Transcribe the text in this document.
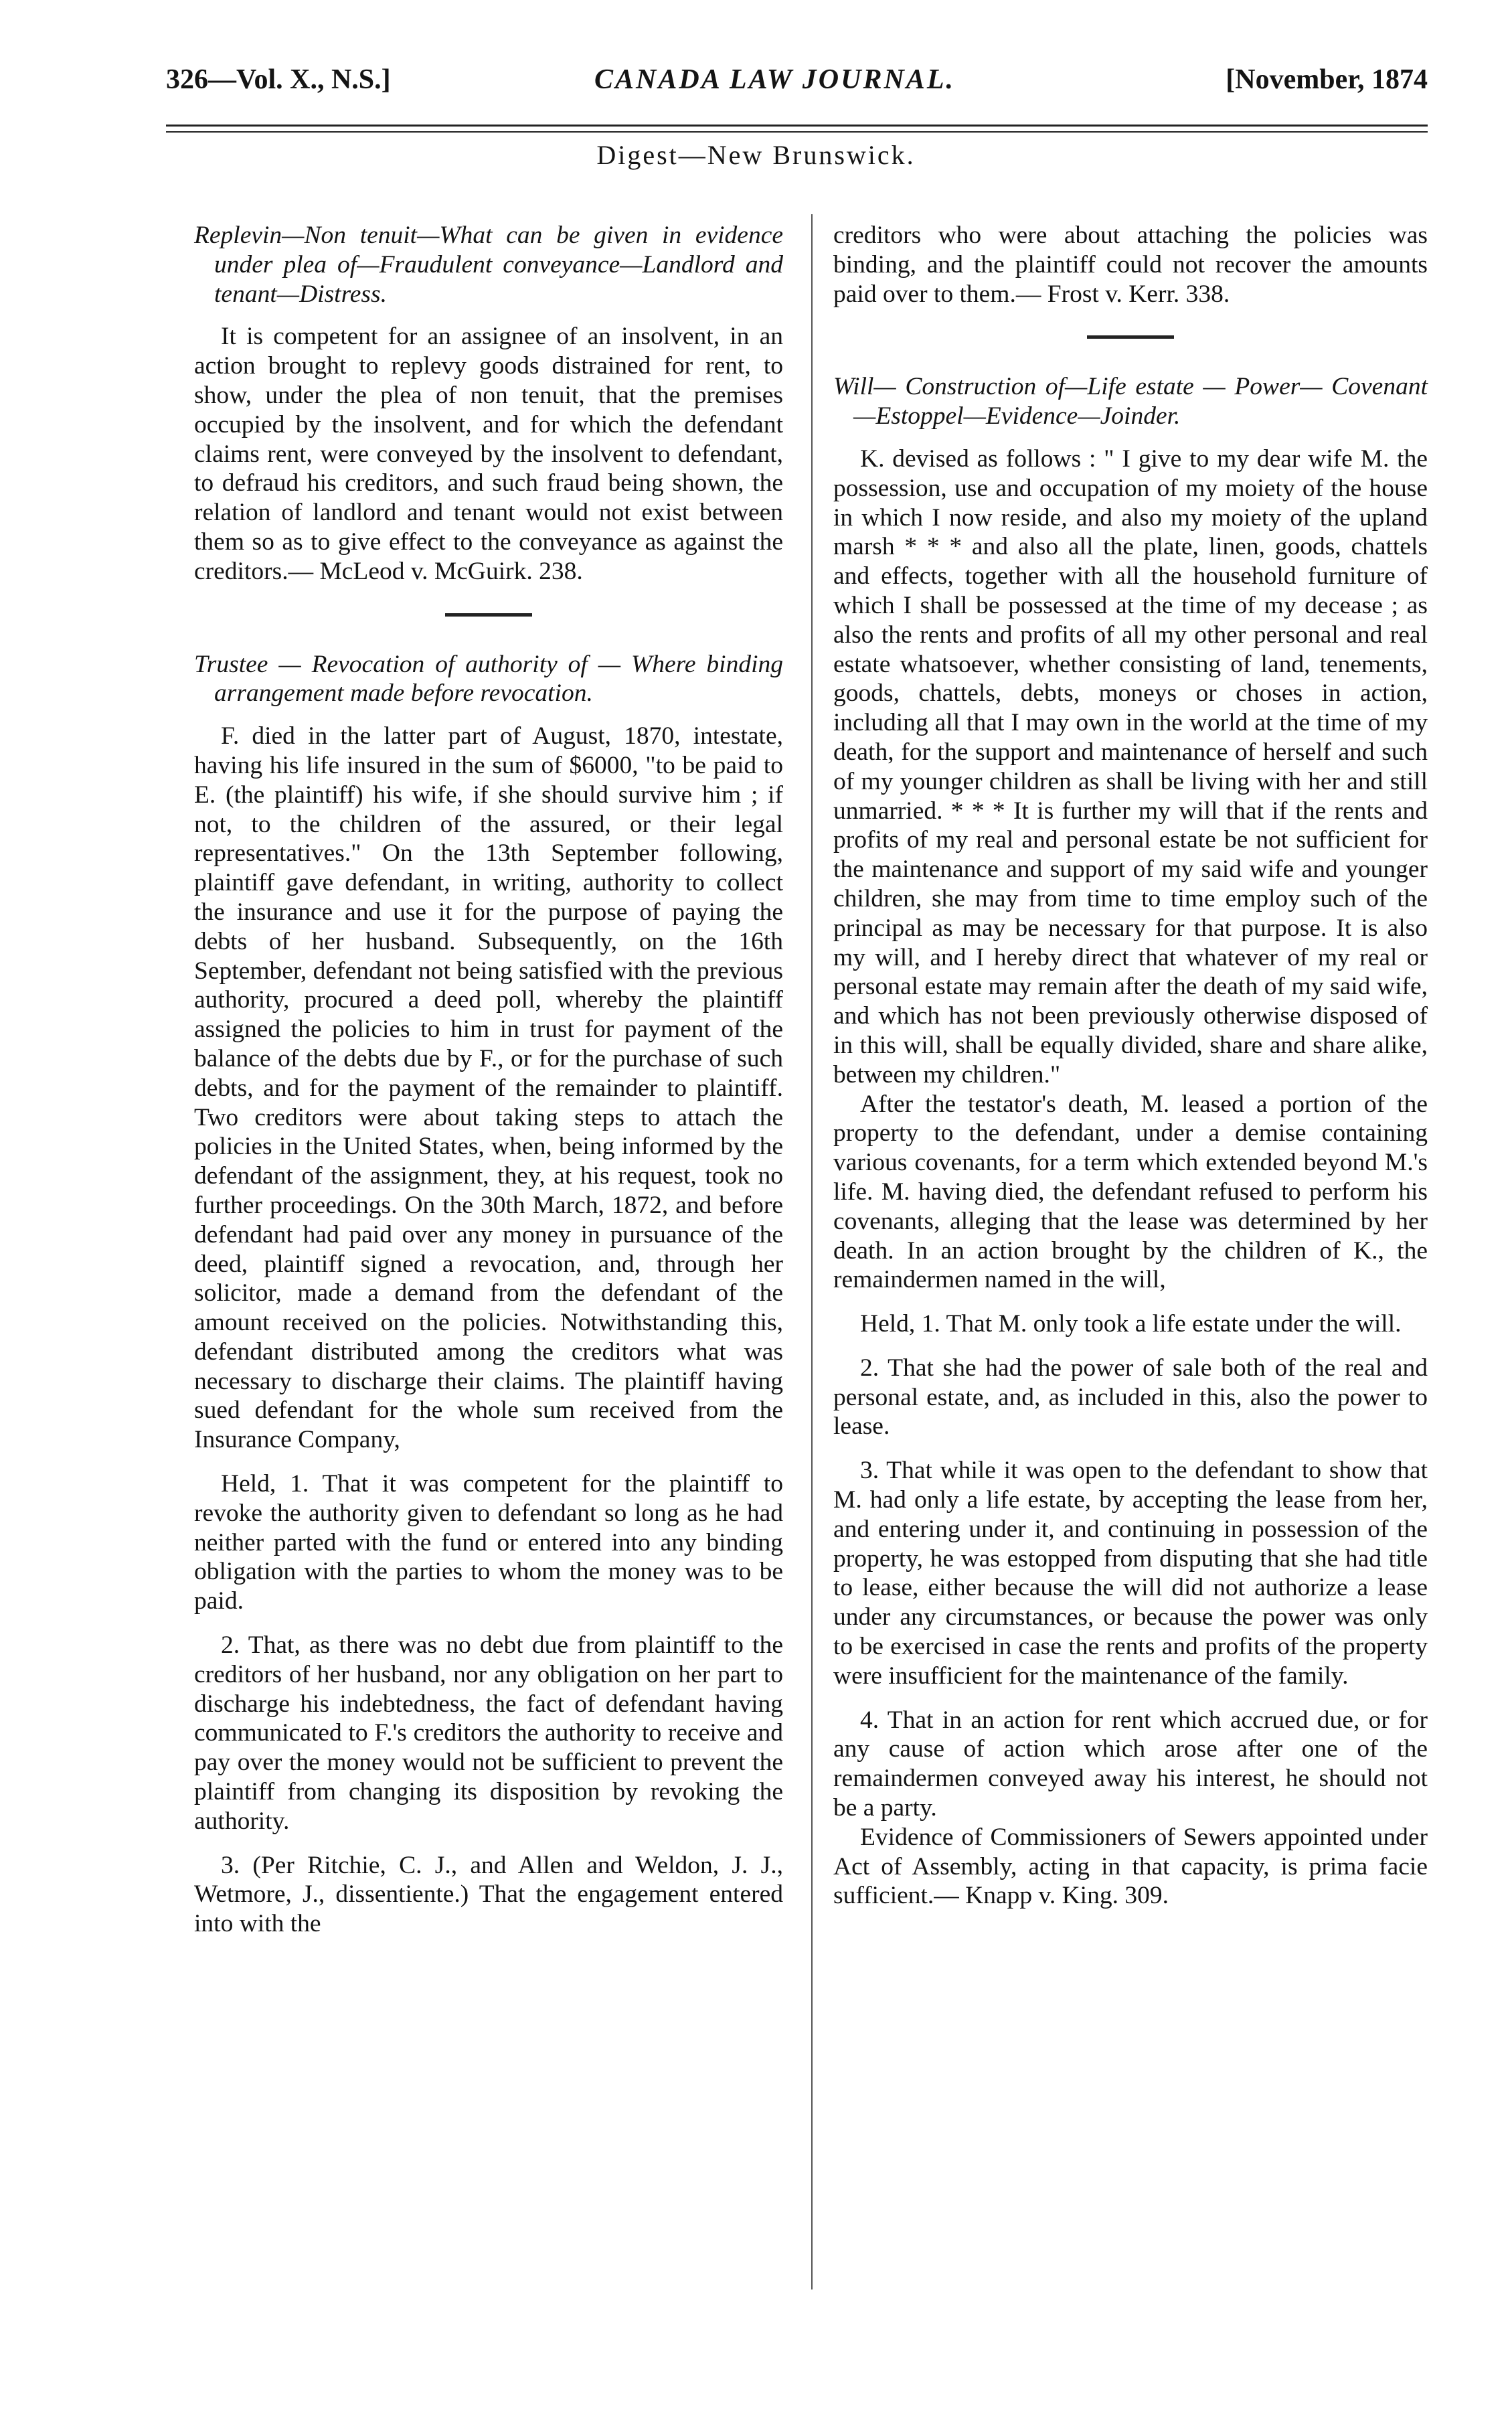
326—Vol. X., N.S.]	CANADA LAW JOURNAL.	[November, 1874
Digest—New Brunswick.
Replevin—Non tenuit—What can be given in evidence under plea of—Fraudulent conveyance—Landlord and tenant—Distress.

It is competent for an assignee of an insolvent, in an action brought to replevy goods distrained for rent, to show, under the plea of non tenuit, that the premises occupied by the insolvent, and for which the defendant claims rent, were conveyed by the insolvent to defendant, to defraud his creditors, and such fraud being shown, the relation of landlord and tenant would not exist between them so as to give effect to the conveyance as against the creditors.— McLeod v. McGuirk. 238.

Trustee — Revocation of authority of — Where binding arrangement made before revocation.

F. died in the latter part of August, 1870, intestate, having his life insured in the sum of $6000, "to be paid to E. (the plaintiff) his wife, if she should survive him ; if not, to the children of the assured, or their legal representatives." On the 13th September following, plaintiff gave defendant, in writing, authority to collect the insurance and use it for the purpose of paying the debts of her husband. Subsequently, on the 16th September, defendant not being satisfied with the previous authority, procured a deed poll, whereby the plaintiff assigned the policies to him in trust for payment of the balance of the debts due by F., or for the purchase of such debts, and for the payment of the remainder to plaintiff. Two creditors were about taking steps to attach the policies in the United States, when, being informed by the defendant of the assignment, they, at his request, took no further proceedings. On the 30th March, 1872, and before defendant had paid over any money in pursuance of the deed, plaintiff signed a revocation, and, through her solicitor, made a demand from the defendant of the amount received on the policies. Notwithstanding this, defendant distributed among the creditors what was necessary to discharge their claims. The plaintiff having sued defendant for the whole sum received from the Insurance Company,

Held, 1. That it was competent for the plaintiff to revoke the authority given to defendant so long as he had neither parted with the fund or entered into any binding obligation with the parties to whom the money was to be paid.

2. That, as there was no debt due from plaintiff to the creditors of her husband, nor any obligation on her part to discharge his indebtedness, the fact of defendant having communicated to F.'s creditors the authority to receive and pay over the money would not be sufficient to prevent the plaintiff from changing its disposition by revoking the authority.

3. (Per Ritchie, C. J., and Allen and Weldon, J. J., Wetmore, J., dissentiente.) That the engagement entered into with the

creditors who were about attaching the policies was binding, and the plaintiff could not recover the amounts paid over to them.— Frost v. Kerr. 338.

Will— Construction of—Life estate — Power— Covenant—Estoppel—Evidence—Joinder.

K. devised as follows : " I give to my dear wife M. the possession, use and occupation of my moiety of the house in which I now reside, and also my moiety of the upland marsh * * * and also all the plate, linen, goods, chattels and effects, together with all the household furniture of which I shall be possessed at the time of my decease ; as also the rents and profits of all my other personal and real estate whatsoever, whether consisting of land, tenements, goods, chattels, debts, moneys or choses in action, including all that I may own in the world at the time of my death, for the support and maintenance of herself and such of my younger children as shall be living with her and still unmarried. * * * It is further my will that if the rents and profits of my real and personal estate be not sufficient for the maintenance and support of my said wife and younger children, she may from time to time employ such of the principal as may be necessary for that purpose. It is also my will, and I hereby direct that whatever of my real or personal estate may remain after the death of my said wife, and which has not been previously otherwise disposed of in this will, shall be equally divided, share and share alike, between my children."

After the testator's death, M. leased a portion of the property to the defendant, under a demise containing various covenants, for a term which extended beyond M.'s life. M. having died, the defendant refused to perform his covenants, alleging that the lease was determined by her death. In an action brought by the children of K., the remaindermen named in the will,

Held, 1. That M. only took a life estate under the will.

2. That she had the power of sale both of the real and personal estate, and, as included in this, also the power to lease.

3. That while it was open to the defendant to show that M. had only a life estate, by accepting the lease from her, and entering under it, and continuing in possession of the property, he was estopped from disputing that she had title to lease, either because the will did not authorize a lease under any circumstances, or because the power was only to be exercised in case the rents and profits of the property were insufficient for the maintenance of the family.

4. That in an action for rent which accrued due, or for any cause of action which arose after one of the remaindermen conveyed away his interest, he should not be a party.

Evidence of Commissioners of Sewers appointed under Act of Assembly, acting in that capacity, is prima facie sufficient.— Knapp v. King. 309.
